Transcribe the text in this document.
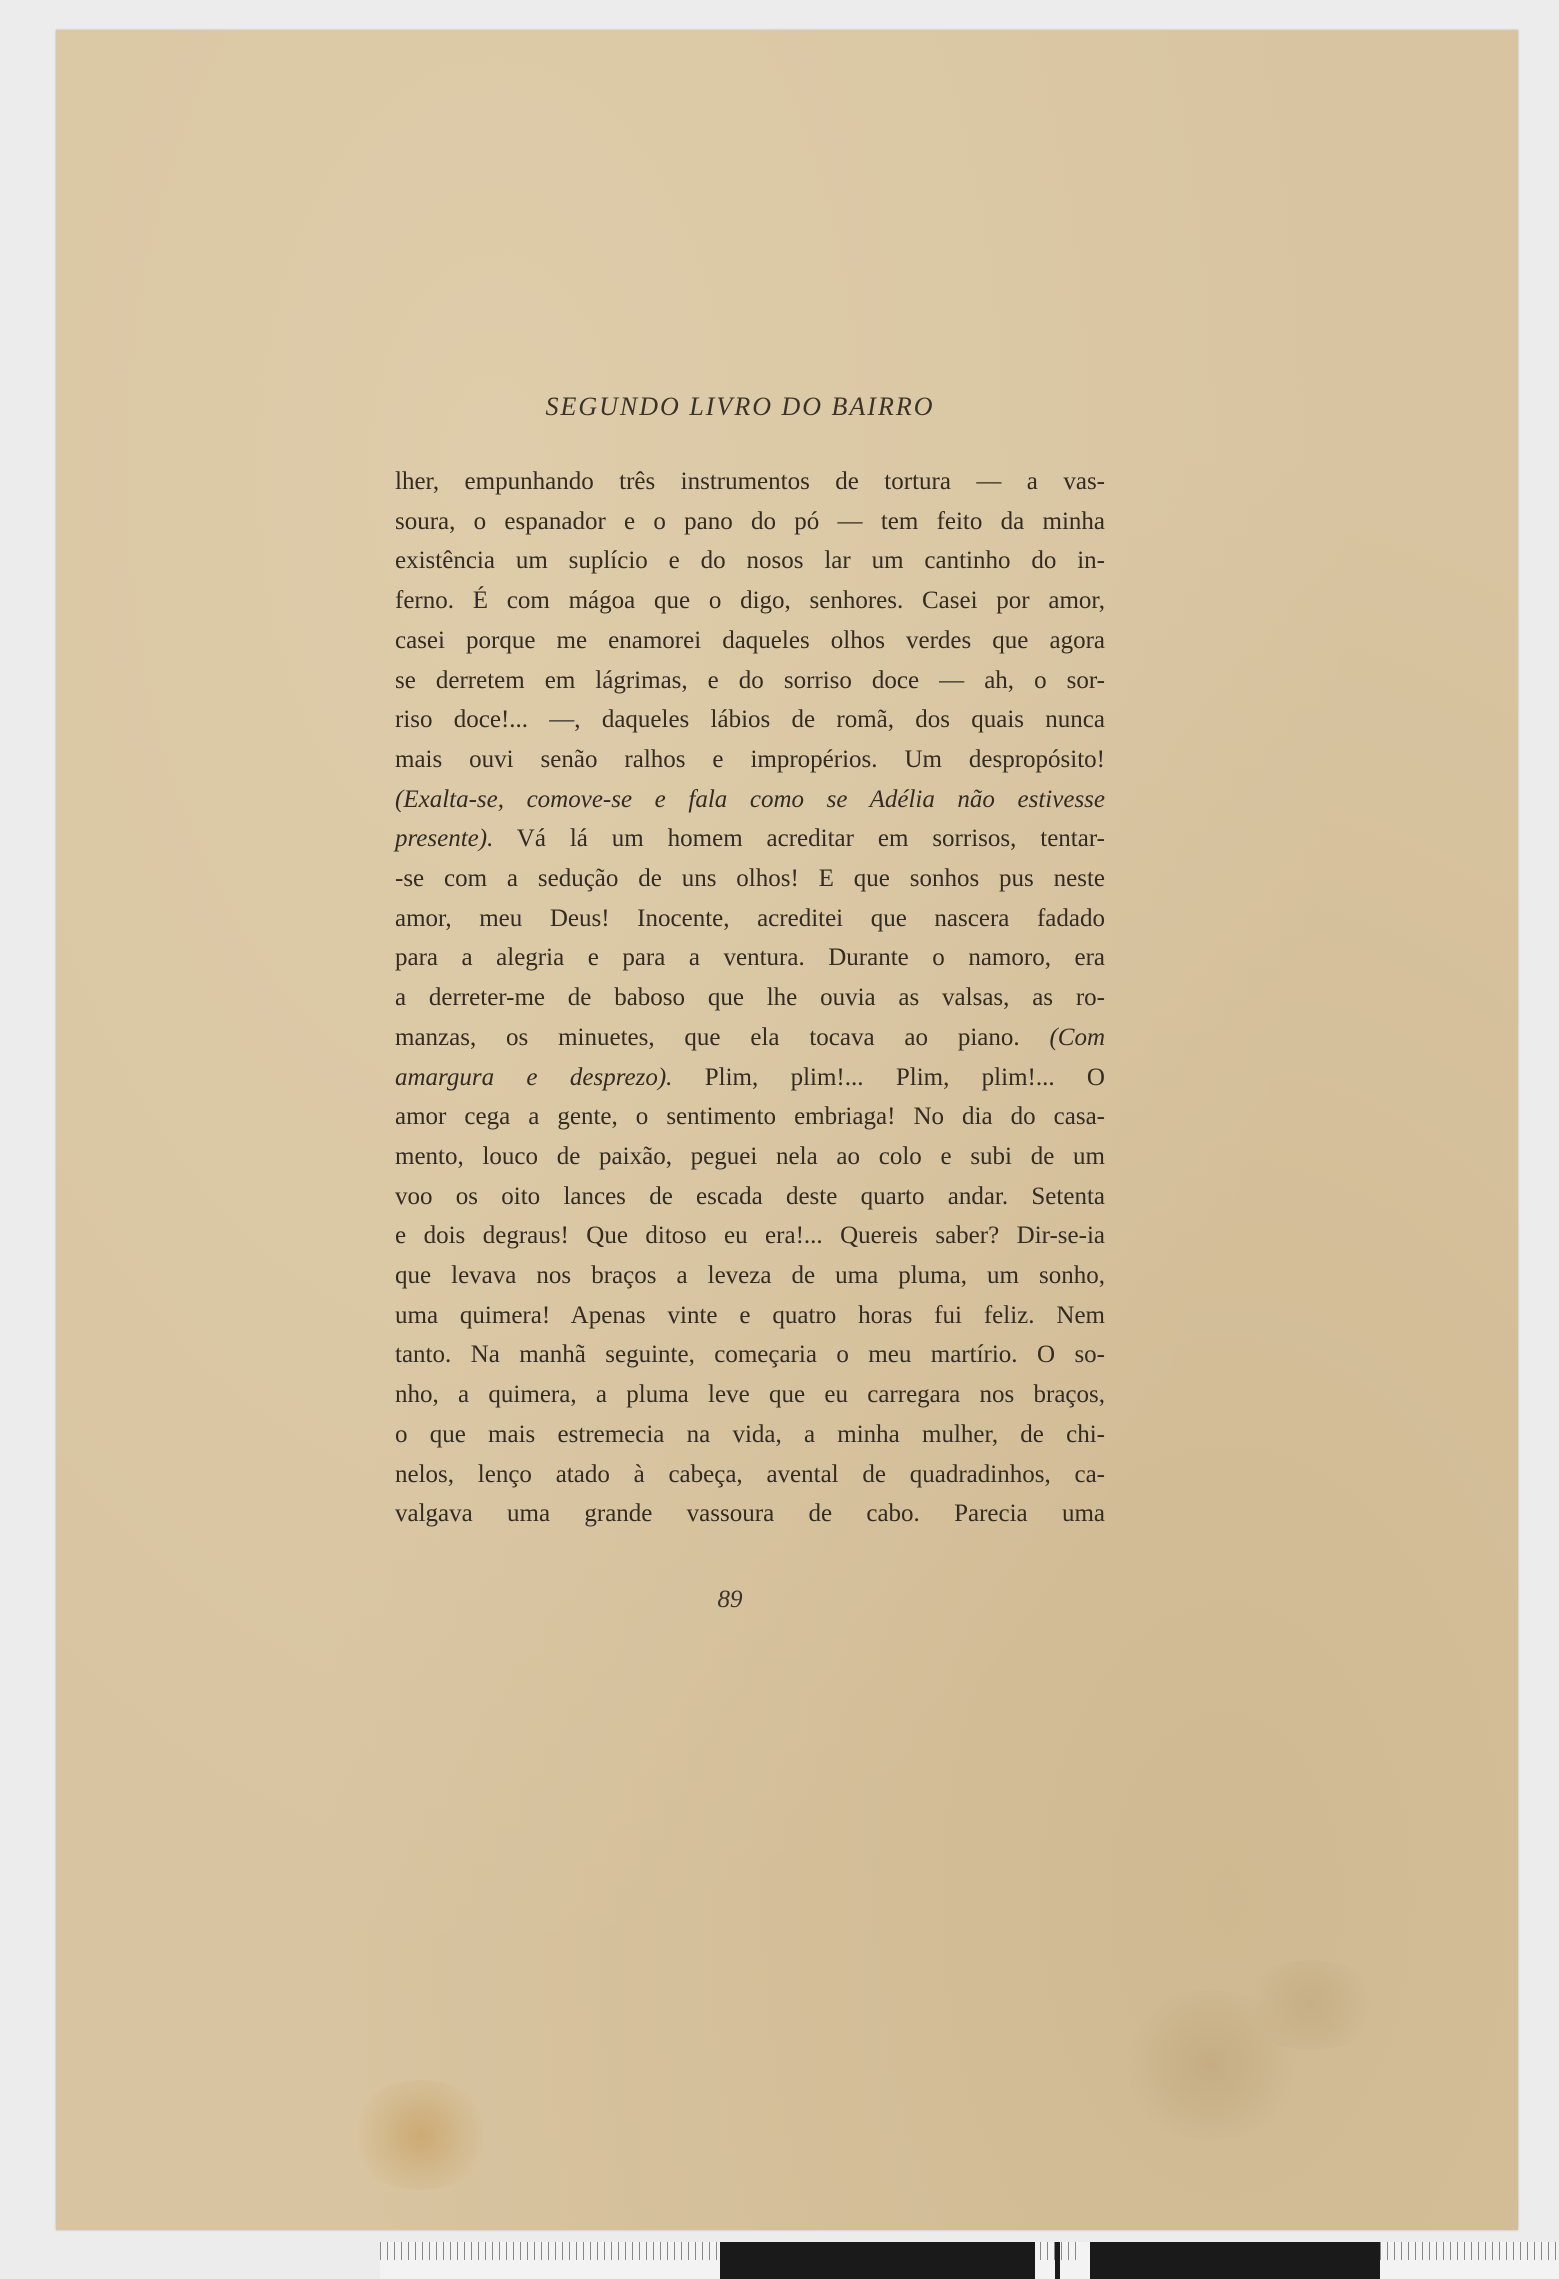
SEGUNDO LIVRO DO BAIRRO
lher, empunhando três instrumentos de tortura — a vas-
soura, o espanador e o pano do pó — tem feito da minha
existência um suplício e do nosos lar um cantinho do in-
ferno. É com mágoa que o digo, senhores. Casei por amor,
casei porque me enamorei daqueles olhos verdes que agora
se derretem em lágrimas, e do sorriso doce — ah, o sor-
riso doce!... —, daqueles lábios de romã, dos quais nunca
mais ouvi senão ralhos e impropérios. Um despropósito!
(Exalta-se, comove-se e fala como se Adélia não estivesse
presente). Vá lá um homem acreditar em sorrisos, tentar-
-se com a sedução de uns olhos! E que sonhos pus neste
amor, meu Deus! Inocente, acreditei que nascera fadado
para a alegria e para a ventura. Durante o namoro, era
a derreter-me de baboso que lhe ouvia as valsas, as ro-
manzas, os minuetes, que ela tocava ao piano. (Com
amargura e desprezo). Plim, plim!... Plim, plim!... O
amor cega a gente, o sentimento embriaga! No dia do casa-
mento, louco de paixão, peguei nela ao colo e subi de um
voo os oito lances de escada deste quarto andar. Setenta
e dois degraus! Que ditoso eu era!... Quereis saber? Dir-se-ia
que levava nos braços a leveza de uma pluma, um sonho,
uma quimera! Apenas vinte e quatro horas fui feliz. Nem
tanto. Na manhã seguinte, começaria o meu martírio. O so-
nho, a quimera, a pluma leve que eu carregara nos braços,
o que mais estremecia na vida, a minha mulher, de chi-
nelos, lenço atado à cabeça, avental de quadradinhos, ca-
valgava uma grande vassoura de cabo. Parecia uma
89
